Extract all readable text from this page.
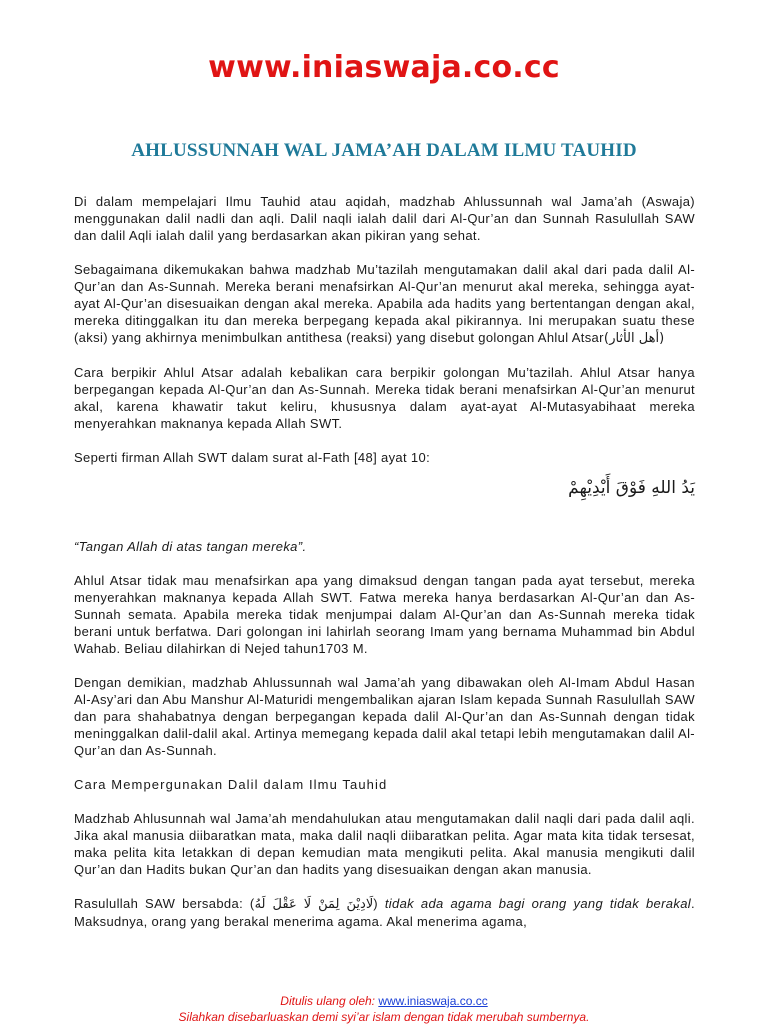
www.iniaswaja.co.cc
AHLUSSUNNAH WAL JAMA’AH DALAM ILMU TAUHID

Di dalam mempelajari Ilmu Tauhid atau aqidah, madzhab Ahlussunnah wal Jama’ah (Aswaja) menggunakan dalil nadli dan aqli. Dalil naqli ialah dalil dari Al-Qur’an dan Sunnah Rasulullah SAW dan dalil Aqli ialah dalil yang berdasarkan akan pikiran yang sehat.

Sebagaimana dikemukakan bahwa madzhab Mu’tazilah mengutamakan dalil akal dari pada dalil Al-Qur’an dan As-Sunnah. Mereka berani menafsirkan Al-Qur’an menurut akal mereka, sehingga ayat-ayat Al-Qur’an disesuaikan dengan akal mereka. Apabila ada hadits yang bertentangan dengan akal, mereka ditinggalkan itu dan mereka berpegang kepada akal pikirannya. Ini merupakan suatu these (aksi) yang akhirnya menimbulkan antithesa (reaksi) yang disebut golongan Ahlul Atsar(أهل الأثار)

Cara berpikir Ahlul Atsar adalah kebalikan cara berpikir golongan Mu’tazilah. Ahlul Atsar hanya berpegangan kepada Al-Qur’an dan As-Sunnah. Mereka tidak berani menafsirkan Al-Qur’an menurut akal, karena khawatir takut keliru, khususnya dalam ayat-ayat Al-Mutasyabihaat mereka menyerahkan maknanya kepada Allah SWT.

Seperti firman Allah SWT dalam surat al-Fath [48] ayat 10:

يَدُ اللهِ فَوْقَ أَيْدِيْهِمْ

“Tangan Allah di atas tangan mereka”.

Ahlul Atsar tidak mau menafsirkan apa yang dimaksud dengan tangan pada ayat tersebut, mereka menyerahkan maknanya kepada Allah SWT. Fatwa mereka hanya berdasarkan Al-Qur’an dan As-Sunnah semata. Apabila mereka tidak menjumpai dalam Al-Qur’an dan As-Sunnah mereka tidak berani untuk berfatwa. Dari golongan ini lahirlah seorang Imam yang bernama Muhammad bin Abdul Wahab. Beliau dilahirkan di Nejed tahun1703 M.

Dengan demikian, madzhab Ahlussunnah wal Jama’ah yang dibawakan oleh Al-Imam Abdul Hasan Al-Asy’ari dan Abu Manshur Al-Maturidi mengembalikan ajaran Islam kepada Sunnah Rasulullah SAW dan para shahabatnya dengan berpegangan kepada dalil Al-Qur’an dan As-Sunnah dengan tidak meninggalkan dalil-dalil akal. Artinya memegang kepada dalil akal tetapi lebih mengutamakan dalil Al-Qur’an dan As-Sunnah.

Cara Mempergunakan Dalil dalam Ilmu Tauhid

Madzhab Ahlusunnah wal Jama’ah mendahulukan atau mengutamakan dalil naqli dari pada dalil aqli. Jika akal manusia diibaratkan mata, maka dalil naqli diibaratkan pelita. Agar mata kita tidak tersesat, maka pelita kita letakkan di depan kemudian mata mengikuti pelita. Akal manusia mengikuti dalil Qur’an dan Hadits bukan Qur’an dan hadits yang disesuaikan dengan akan manusia.

Rasulullah SAW bersabda: (لَادِيْنَ لِمَنْ لَا عَقْلَ لَهُ) tidak ada agama bagi orang yang tidak berakal. Maksudnya, orang yang berakal menerima agama. Akal menerima agama,

Ditulis ulang oleh: www.iniaswaja.co.cc
Silahkan disebarluaskan demi syi’ar islam dengan tidak merubah sumbernya.
